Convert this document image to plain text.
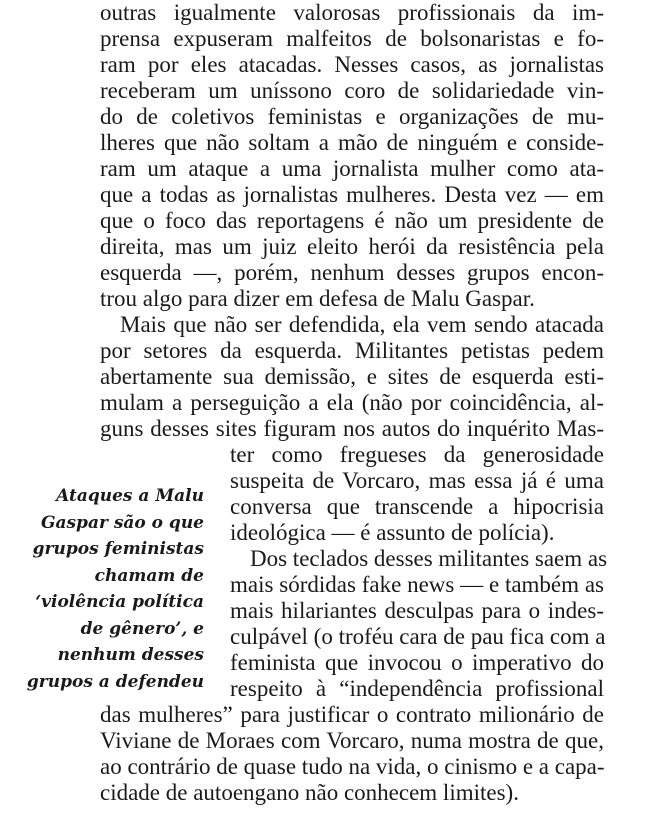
outras igualmente valorosas profissionais da im-

prensa expuseram malfeitos de bolsonaristas e fo-

ram por eles atacadas. Nesses casos, as jornalistas

receberam um uníssono coro de solidariedade vin-

do de coletivos feministas e organizações de mu-

lheres que não soltam a mão de ninguém e conside-

ram um ataque a uma jornalista mulher como ata-

que a todas as jornalistas mulheres. Desta vez — em

que o foco das reportagens é não um presidente de

direita, mas um juiz eleito herói da resistência pela

esquerda —, porém, nenhum desses grupos encon-

trou algo para dizer em defesa de Malu Gaspar.

Mais que não ser defendida, ela vem sendo atacada

por setores da esquerda. Militantes petistas pedem

abertamente sua demissão, e sites de esquerda esti-

mulam a perseguição a ela (não por coincidência, al-

guns desses sites figuram nos autos do inquérito Mas-

ter como fregueses da generosidade

suspeita de Vorcaro, mas essa já é uma

conversa que transcende a hipocrisia

ideológica — é assunto de polícia).

Dos teclados desses militantes saem as

mais sórdidas fake news — e também as

mais hilariantes desculpas para o indes-

culpável (o troféu cara de pau fica com a

feminista que invocou o imperativo do

respeito à “independência profissional

das mulheres” para justificar o contrato milionário de

Viviane de Moraes com Vorcaro, numa mostra de que,

ao contrário de quase tudo na vida, o cinismo e a capa-

cidade de autoengano não conhecem limites).

Ataques a Malu
Gaspar são o que
grupos feministas
chamam de
‘violência política
de gênero’, e
nenhum desses
grupos a defendeu
